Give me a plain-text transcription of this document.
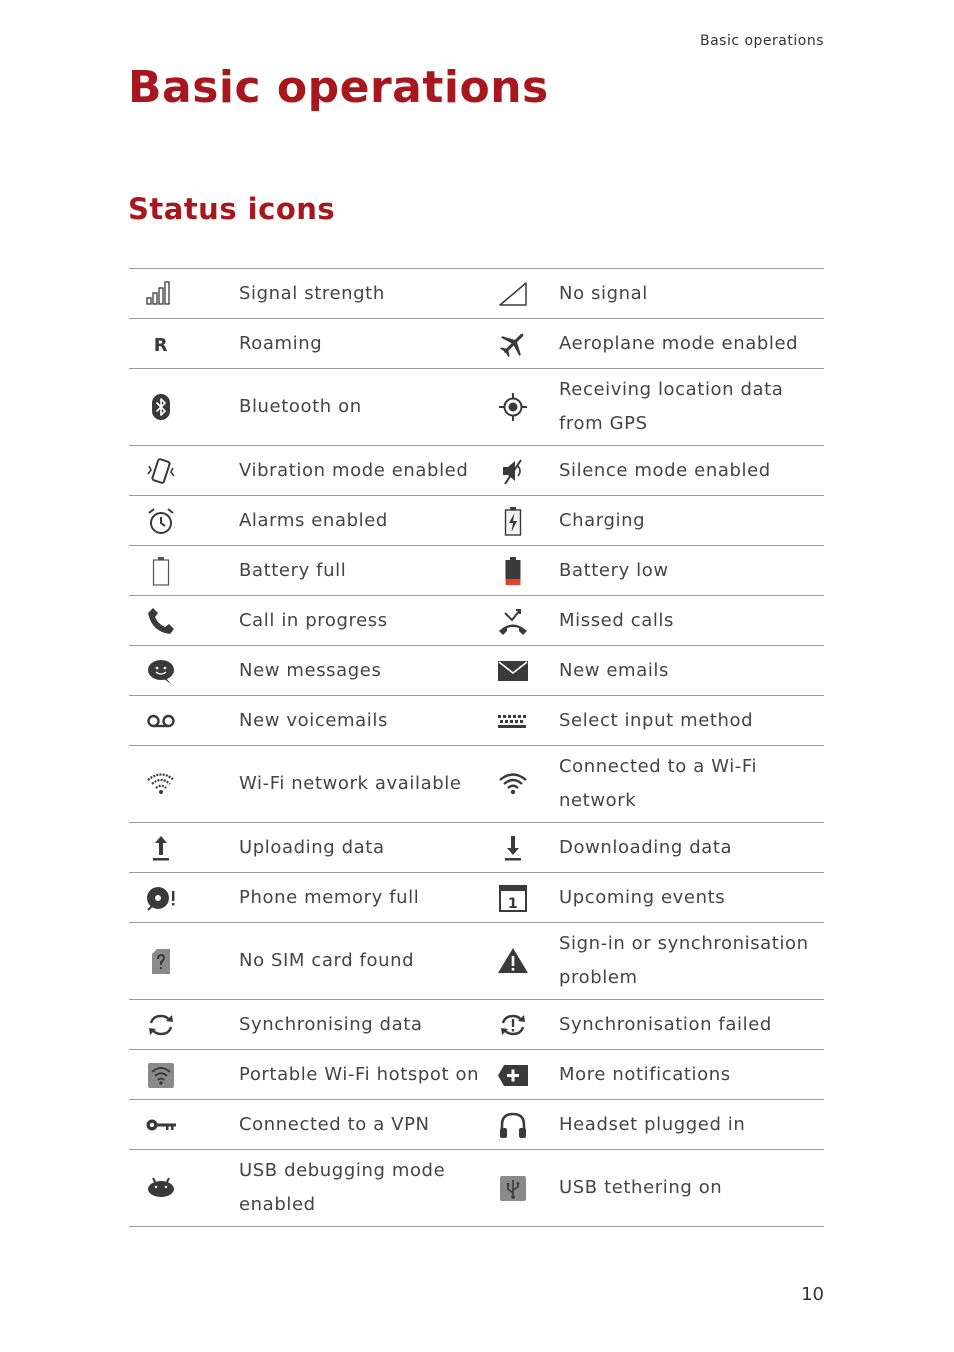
Basic operations
Basic operations
Status icons
	Signal strength		No signal

R	Roaming		Aeroplane mode enabled

	Bluetooth on		Receiving location data from GPS

	Vibration mode enabled		Silence mode enabled

	Alarms enabled		Charging

	Battery full		Battery low

	Call in progress		Missed calls

	New messages		New emails

	New voicemails		Select input method

	Wi-Fi network available		Connected to a Wi-Fi network

	Uploading data		Downloading data

	Phone memory full	1	Upcoming events

	No SIM card found		Sign-in or synchronisation problem

	Synchronising data		Synchronisation failed

	Portable Wi-Fi hotspot on		More notifications

	Connected to a VPN		Headset plugged in

	USB debugging mode enabled		USB tethering on
10
